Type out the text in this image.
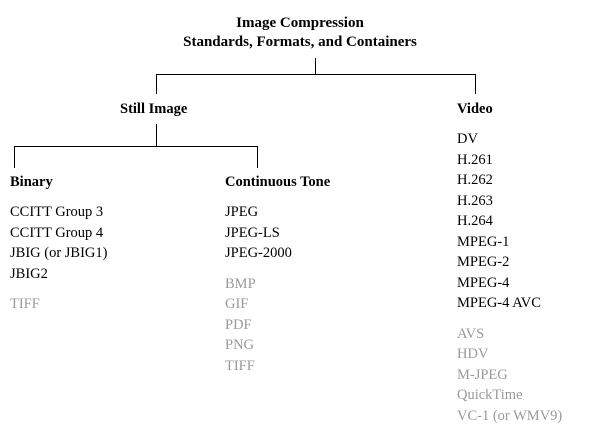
Image Compression
Standards, Formats, and Containers
Still Image	Video
Binary	Continuous Tone
CCITT Group 3
CCITT Group 4
JBIG (or JBIG1)
JBIG2
TIFF
JPEG
JPEG-LS
JPEG-2000
BMP
GIF
PDF
PNG
TIFF
DV
H.261
H.262
H.263
H.264
MPEG-1
MPEG-2
MPEG-4
MPEG-4 AVC
AVS
HDV
M-JPEG
QuickTime
VC-1 (or WMV9)
